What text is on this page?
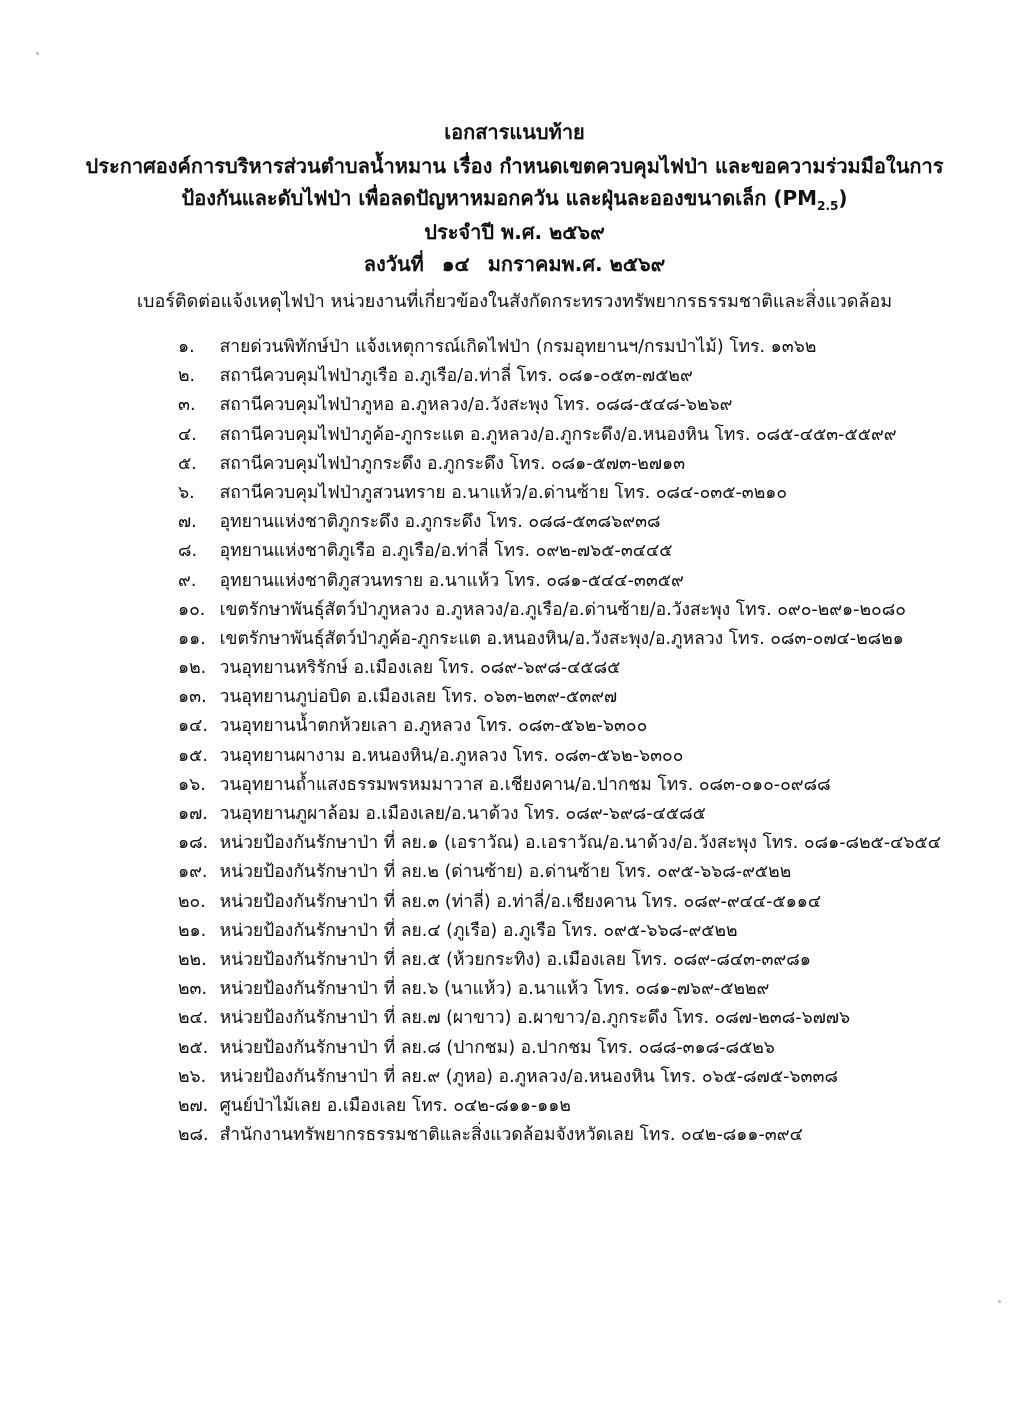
เอกสารแนบท้าย
ประกาศองค์การบริหารส่วนตำบลน้ำหมาน เรื่อง กำหนดเขตควบคุมไฟป่า และขอความร่วมมือในการ
ป้องกันและดับไฟป่า เพื่อลดปัญหาหมอกควัน และฝุ่นละอองขนาดเล็ก $(PM_{2.5})$
ประจำปี พ.ศ. ๒๕๖๙
ลงวันที่ ๑๔ มกราคมพ.ศ. ๒๕๖๙
เบอร์ติดต่อแจ้งเหตุไฟป่า หน่วยงานที่เกี่ยวข้องในสังกัดกระทรวงทรัพยากรธรรมชาติและสิ่งแวดล้อม
๑. สายด่วนพิทักษ์ป่า แจ้งเหตุการณ์เกิดไฟป่า (กรมอุทยานฯ/กรมป่าไม้) โทร. ๑๓๖๒
๒. สถานีควบคุมไฟป่าภูเรือ อ.ภูเรือ/อ.ท่าลี่ โทร. ๐๘๑-๐๕๓-๗๕๒๙
๓. สถานีควบคุมไฟป่าภูหอ อ.ภูหลวง/อ.วังสะพุง โทร. ๐๘๘-๕๔๘-๖๒๖๙
๔. สถานีควบคุมไฟป่าภูค้อ-ภูกระแต อ.ภูหลวง/อ.ภูกระดึง/อ.หนองหิน โทร. ๐๘๕-๔๕๓-๕๕๙๙
๕. สถานีควบคุมไฟป่าภูกระดึง อ.ภูกระดึง โทร. ๐๘๑-๕๗๓-๒๗๑๓
๖. สถานีควบคุมไฟป่าภูสวนทราย อ.นาแห้ว/อ.ด่านซ้าย โทร. ๐๘๔-๐๓๕-๓๒๑๐
๗. อุทยานแห่งชาติภูกระดึง อ.ภูกระดึง โทร. ๐๘๘-๕๓๘๖๙๓๘
๘. อุทยานแห่งชาติภูเรือ อ.ภูเรือ/อ.ท่าลี่ โทร. ๐๙๒-๗๖๕-๓๔๔๕
๙. อุทยานแห่งชาติภูสวนทราย อ.นาแห้ว โทร. ๐๘๑-๕๔๔-๓๓๕๙
๑๐. เขตรักษาพันธุ์สัตว์ป่าภูหลวง อ.ภูหลวง/อ.ภูเรือ/อ.ด่านซ้าย/อ.วังสะพุง โทร. ๐๙๐-๒๙๑-๒๐๘๐
๑๑. เขตรักษาพันธุ์สัตว์ป่าภูค้อ-ภูกระแต อ.หนองหิน/อ.วังสะพุง/อ.ภูหลวง โทร. ๐๘๓-๐๗๔-๒๘๒๑
๑๒. วนอุทยานหริรักษ์ อ.เมืองเลย โทร. ๐๘๙-๖๙๘-๔๕๘๕
๑๓. วนอุทยานภูบ่อบิด อ.เมืองเลย โทร. ๐๖๓-๒๓๙-๕๓๙๗
๑๔. วนอุทยานน้ำตกห้วยเลา อ.ภูหลวง โทร. ๐๘๓-๕๖๒-๖๓๐๐
๑๕. วนอุทยานผางาม อ.หนองหิน/อ.ภูหลวง โทร. ๐๘๓-๕๖๒-๖๓๐๐
๑๖. วนอุทยานถ้ำแสงธรรมพรหมมาวาส อ.เชียงคาน/อ.ปากชม โทร. ๐๘๓-๐๑๐-๐๙๘๘
๑๗. วนอุทยานภูผาล้อม อ.เมืองเลย/อ.นาด้วง โทร. ๐๘๙-๖๙๘-๔๕๘๕
๑๘. หน่วยป้องกันรักษาป่า ที่ ลย.๑ (เอราวัณ) อ.เอราวัณ/อ.นาด้วง/อ.วังสะพุง โทร. ๐๘๑-๘๒๕-๔๖๕๔
๑๙. หน่วยป้องกันรักษาป่า ที่ ลย.๒ (ด่านซ้าย) อ.ด่านซ้าย โทร. ๐๙๕-๖๖๘-๙๕๒๒
๒๐. หน่วยป้องกันรักษาป่า ที่ ลย.๓ (ท่าลี่) อ.ท่าลี่/อ.เชียงคาน โทร. ๐๘๙-๙๔๔-๕๑๑๔
๒๑. หน่วยป้องกันรักษาป่า ที่ ลย.๔ (ภูเรือ) อ.ภูเรือ โทร. ๐๙๕-๖๖๘-๙๕๒๒
๒๒. หน่วยป้องกันรักษาป่า ที่ ลย.๕ (ห้วยกระทิง) อ.เมืองเลย โทร. ๐๘๙-๘๔๓-๓๙๘๑
๒๓. หน่วยป้องกันรักษาป่า ที่ ลย.๖ (นาแห้ว) อ.นาแห้ว โทร. ๐๘๑-๗๖๙-๕๒๒๙
๒๔. หน่วยป้องกันรักษาป่า ที่ ลย.๗ (ผาขาว) อ.ผาขาว/อ.ภูกระดึง โทร. ๐๘๗-๒๓๘-๖๗๗๖
๒๕. หน่วยป้องกันรักษาป่า ที่ ลย.๘ (ปากชม) อ.ปากชม โทร. ๐๘๘-๓๑๘-๘๕๒๖
๒๖. หน่วยป้องกันรักษาป่า ที่ ลย.๙ (ภูหอ) อ.ภูหลวง/อ.หนองหิน โทร. ๐๖๕-๘๗๕-๖๓๓๘
๒๗. ศูนย์ป่าไม้เลย อ.เมืองเลย โทร. ๐๔๒-๘๑๑-๑๑๒
๒๘. สำนักงานทรัพยากรธรรมชาติและสิ่งแวดล้อมจังหวัดเลย โทร. ๐๔๒-๘๑๑-๓๙๔
